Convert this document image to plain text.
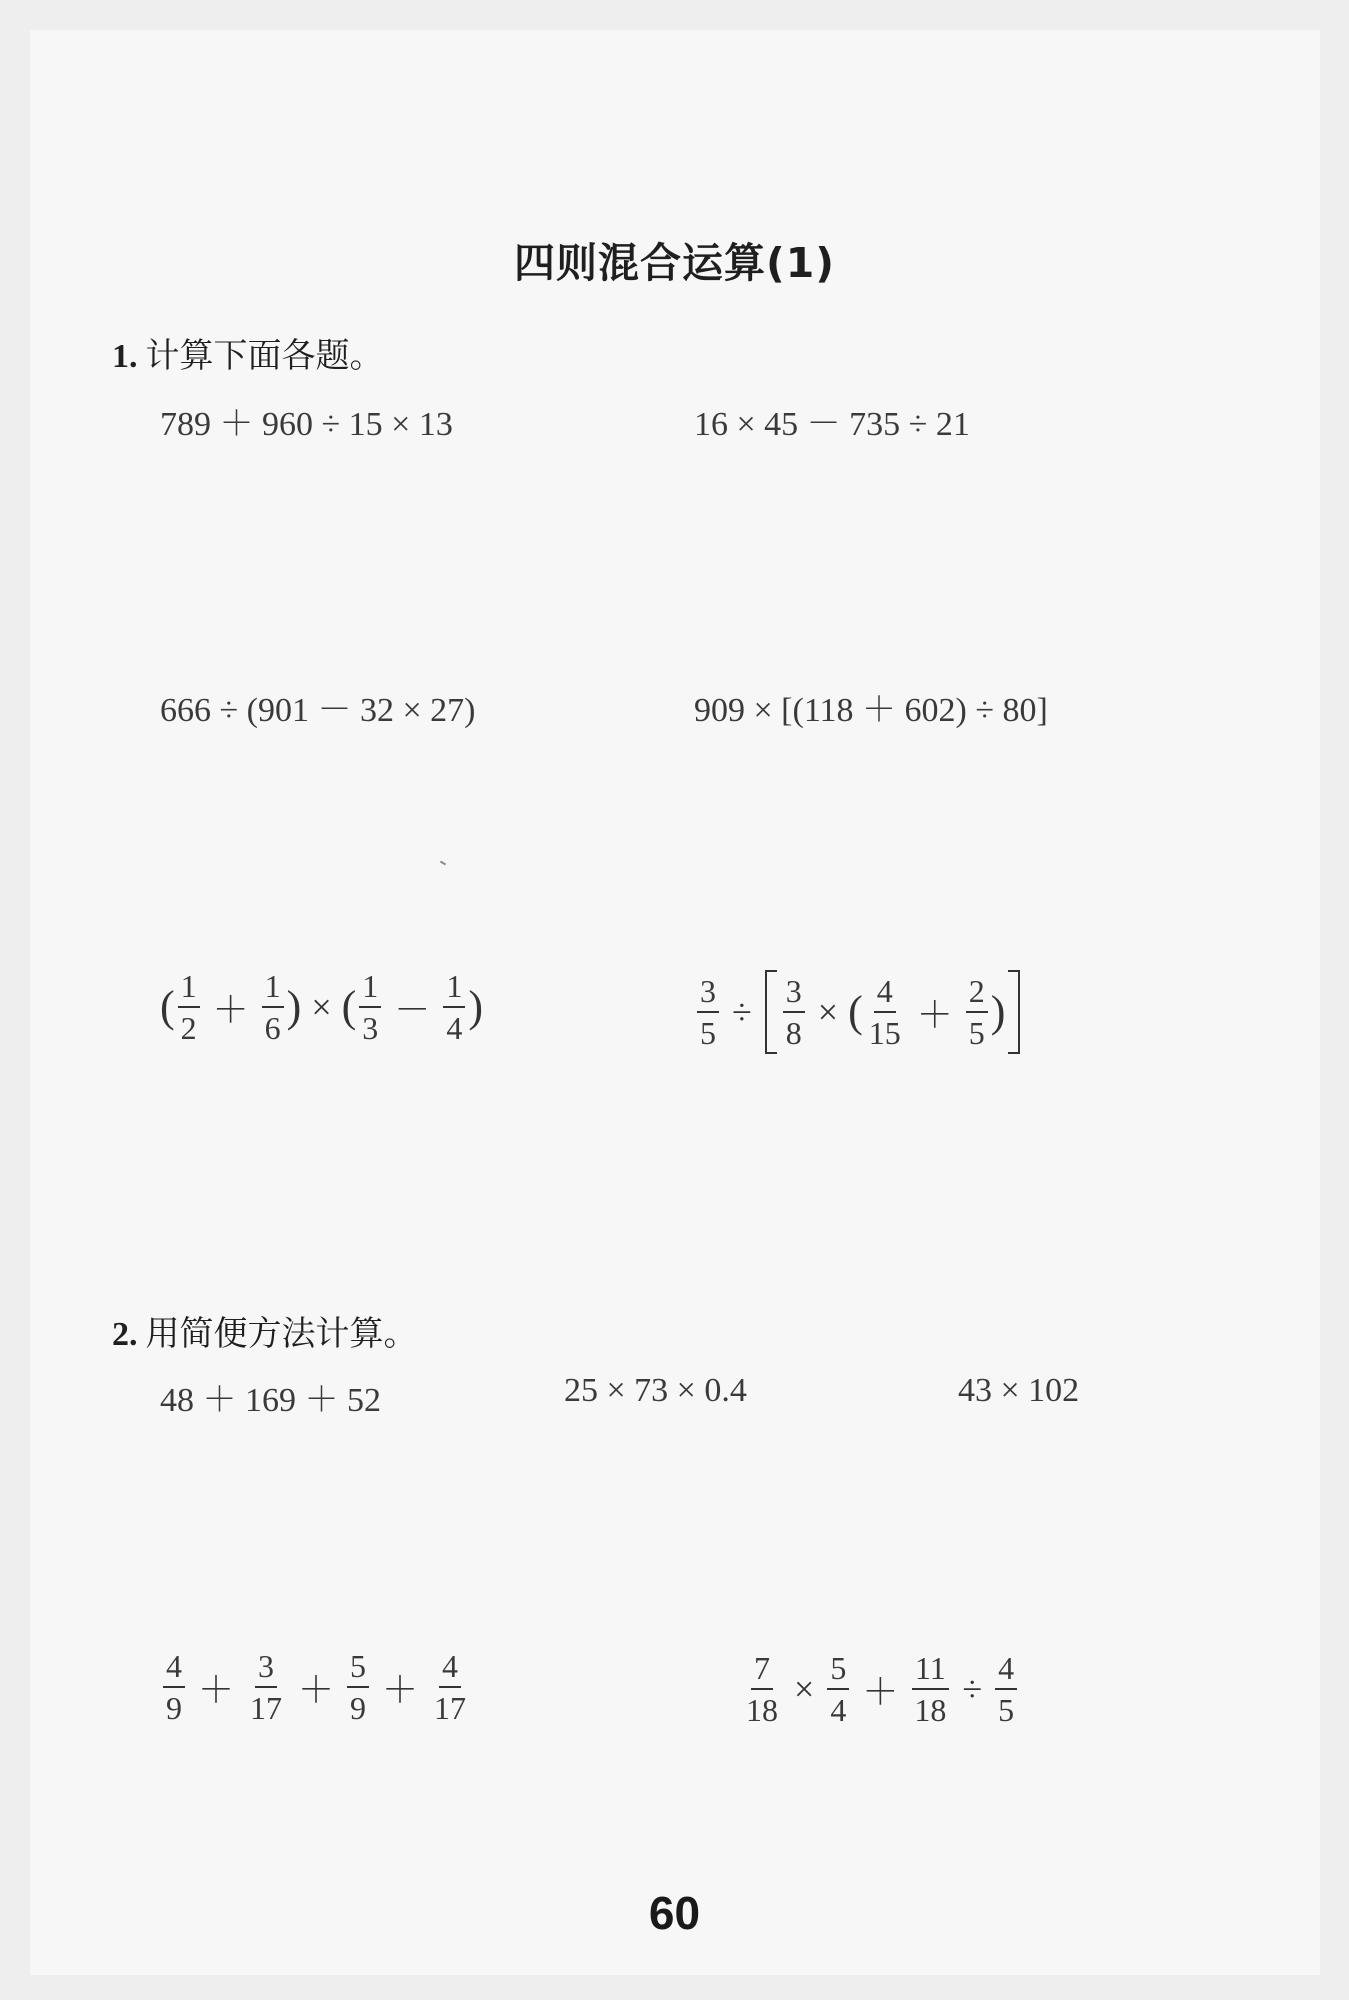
四则混合运算(1)
1. 计算下面各题。
789 ＋ 960 ÷ 15 × 13	16 × 45 － 735 ÷ 21
666 ÷ (901 － 32 × 27)	909 × [(118 ＋ 602) ÷ 80]
( $\frac{1}{2} + \frac{1}{6}$ ) × ( $\frac{1}{3} - \frac{1}{4}$ )	$\frac{3}{5} \div \frac{3}{8}$ × ( $\frac{4}{15} + \frac{2}{5}$ )
2. 用简便方法计算。
48 ＋ 169 ＋ 52	25 × 73 × 0.4	43 × 102
$\frac{4}{9} + \frac{3}{17} + \frac{5}{9} + \frac{4}{17}$	$\frac{7}{18} \times \frac{5}{4} + \frac{11}{18} \div \frac{4}{5}$
60
